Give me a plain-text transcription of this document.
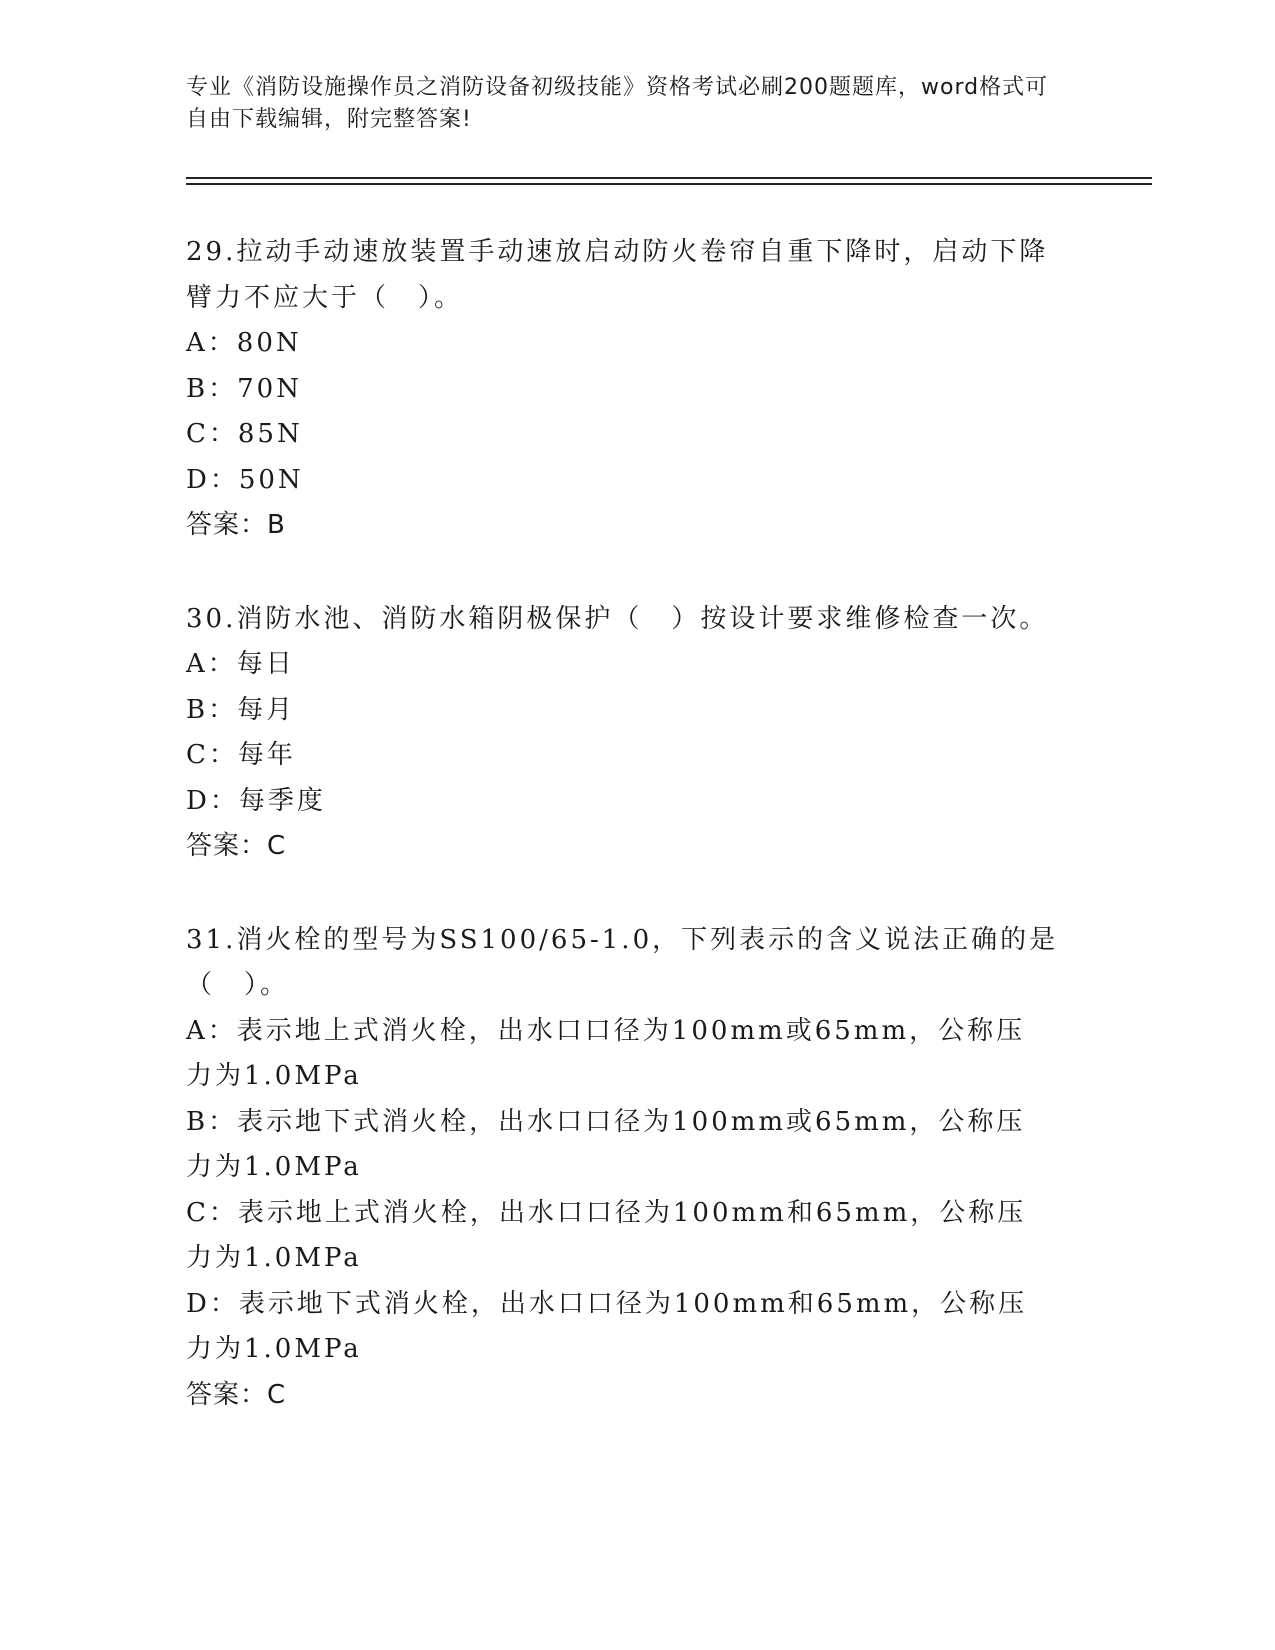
专业《消防设施操作员之消防设备初级技能》资格考试必刷200题题库，word格式可自由下载编辑，附完整答案!
29.拉动手动速放装置手动速放启动防火卷帘自重下降时，启动下降臂力不应大于（　）。
A：80N
B：70N
C：85N
D：50N
答案：B
30.消防水池、消防水箱阴极保护（　）按设计要求维修检查一次。
A：每日
B：每月
C：每年
D：每季度
答案：C
31.消火栓的型号为SS100/65-1.0，下列表示的含义说法正确的是（　）。
A：表示地上式消火栓，出水口口径为100mm或65mm，公称压力为1.0MPa
B：表示地下式消火栓，出水口口径为100mm或65mm，公称压力为1.0MPa
C：表示地上式消火栓，出水口口径为100mm和65mm，公称压力为1.0MPa
D：表示地下式消火栓，出水口口径为100mm和65mm，公称压力为1.0MPa
答案：C
